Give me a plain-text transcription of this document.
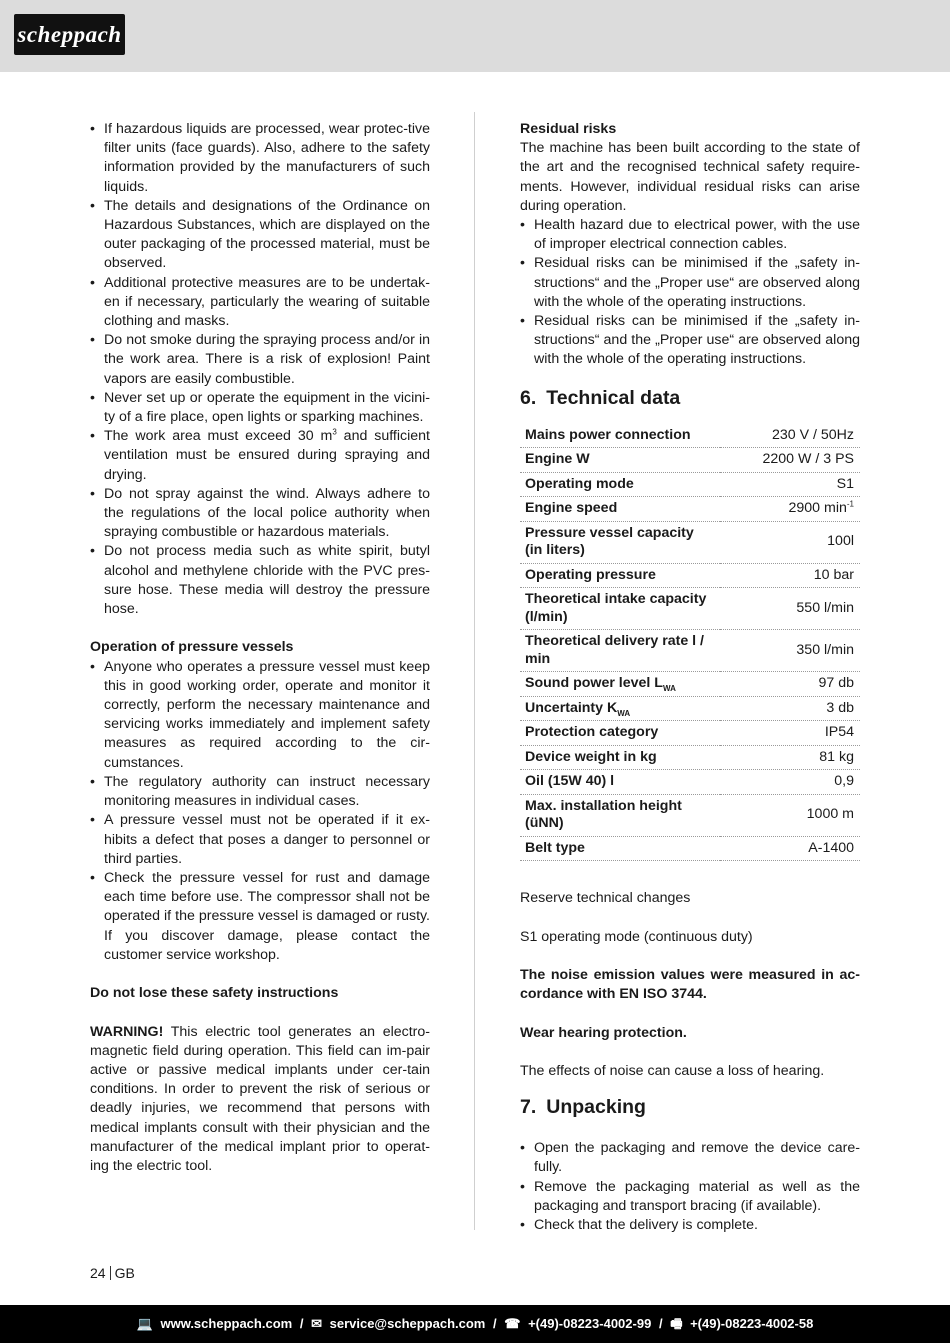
scheppach
• If hazardous liquids are processed, wear protec-tive filter units (face guards). Also, adhere to the safety information provided by the manufacturers of such liquids.
• The details and designations of the Ordinance on Hazardous Substances, which are displayed on the outer packaging of the processed material, must be observed.
• Additional protective measures are to be undertak-en if necessary, particularly the wearing of suitable clothing and masks.
• Do not smoke during the spraying process and/or in the work area. There is a risk of explosion! Paint vapors are easily combustible.
• Never set up or operate the equipment in the vicini-ty of a fire place, open lights or sparking machines.
• The work area must exceed 30 $m^3$ and sufficient ventilation must be ensured during spraying and drying.
• Do not spray against the wind. Always adhere to the regulations of the local police authority when spraying combustible or hazardous materials.
• Do not process media such as white spirit, butyl alcohol and methylene chloride with the PVC pres-sure hose. These media will destroy the pressure hose.

Operation of pressure vessels

• Anyone who operates a pressure vessel must keep this in good working order, operate and monitor it correctly, perform the necessary maintenance and servicing works immediately and implement safety measures as required according to the cir-cumstances.
• The regulatory authority can instruct necessary monitoring measures in individual cases.
• A pressure vessel must not be operated if it ex-hibits a defect that poses a danger to personnel or third parties.
• Check the pressure vessel for rust and damage each time before use. The compressor shall not be operated if the pressure vessel is damaged or rusty. If you discover damage, please contact the customer service workshop.

Do not lose these safety instructions

WARNING! This electric tool generates an electro-magnetic field during operation. This field can im-pair active or passive medical implants under cer-tain conditions. In order to prevent the risk of serious or deadly injuries, we recommend that persons with medical implants consult with their physician and the manufacturer of the medical implant prior to operat-ing the electric tool.

Residual risks

The machine has been built according to the state of the art and the recognised technical safety require-ments. However, individual residual risks can arise during operation.

• Health hazard due to electrical power, with the use of improper electrical connection cables.
• Residual risks can be minimised if the „safety in-structions“ and the „Proper use“ are observed along with the whole of the operating instructions.
• Residual risks can be minimised if the „safety in-structions“ and the „Proper use“ are observed along with the whole of the operating instructions.
6. Technical data
Mains power connection	230 V / 50Hz
Engine W	2200 W / 3 PS
Operating mode	S1
Engine speed	2900 $\min^{-1}$
Pressure vessel capacity (in liters)	100l
Operating pressure	10 bar
Theoretical intake capacity (l/min)	550 l/min
Theoretical delivery rate l / min	350 l/min
Sound power level $L_{WA}$	97 db
Uncertainty $K_{WA}$	3 db
Protection category	IP54
Device weight in kg	81 kg
Oil (15W 40) l	0,9
Max. installation height (üNN)	1000 m
Belt type	A-1400

Reserve technical changes

S1 operating mode (continuous duty)

The noise emission values were measured in ac-cordance with EN ISO 3744.

Wear hearing protection.

The effects of noise can cause a loss of hearing.

7. Unpacking
• Open the packaging and remove the device care-fully.
• Remove the packaging material as well as the packaging and transport bracing (if available).
• Check that the delivery is complete.
24 GB
💻 www.scheppach.com / ✉ service@scheppach.com / ☎ +(49)-08223-4002-99 / 🖷 +(49)-08223-4002-58
